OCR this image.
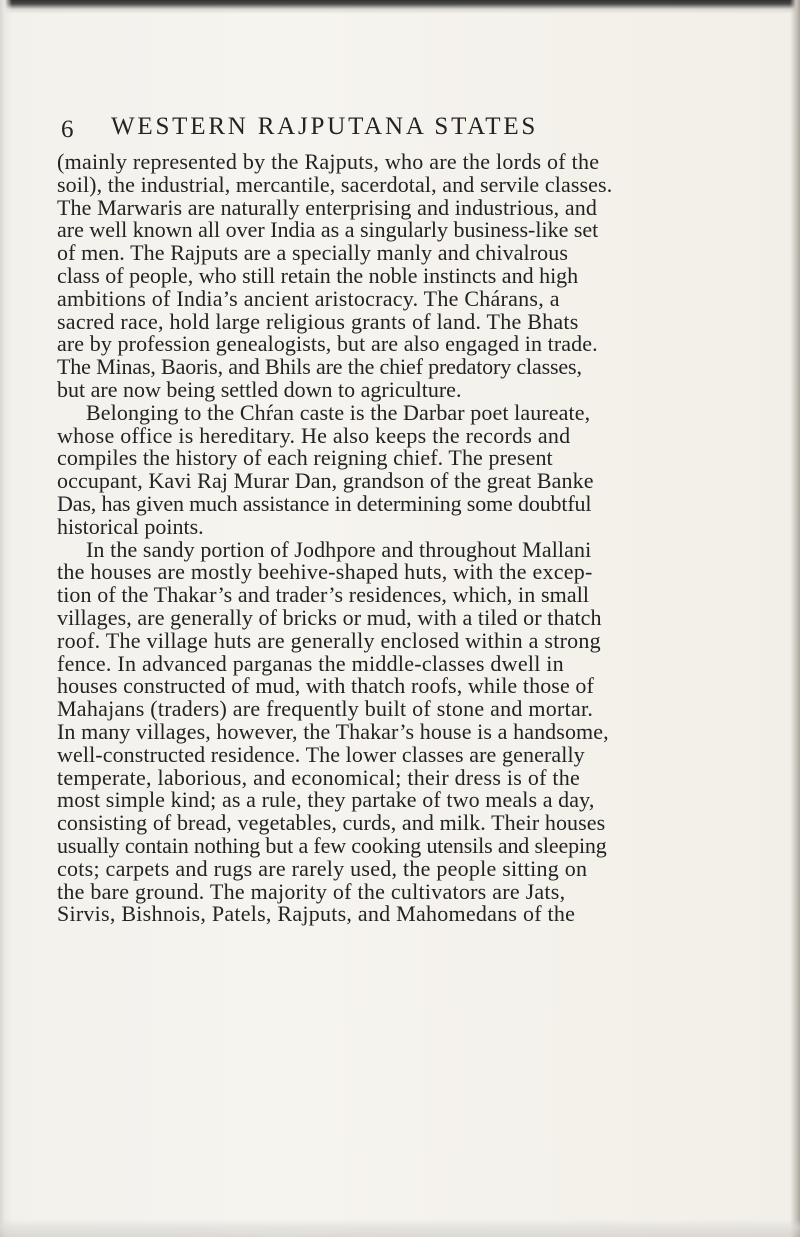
6 WESTERN RAJPUTANA STATES
(mainly represented by the Rajputs, who are the lords of the
soil), the industrial, mercantile, sacerdotal, and servile classes.
The Marwaris are naturally enterprising and industrious, and
are well known all over India as a singularly business-like set
of men. The Rajputs are a specially manly and chivalrous
class of people, who still retain the noble instincts and high
ambitions of India’s ancient aristocracy. The Chárans, a
sacred race, hold large religious grants of land. The Bhats
are by profession genealogists, but are also engaged in trade.
The Minas, Baoris, and Bhils are the chief predatory classes,
but are now being settled down to agriculture.
Belonging to the Chŕan caste is the Darbar poet laureate,
whose office is hereditary. He also keeps the records and
compiles the history of each reigning chief. The present
occupant, Kavi Raj Murar Dan, grandson of the great Banke
Das, has given much assistance in determining some doubtful
historical points.
In the sandy portion of Jodhpore and throughout Mallani
the houses are mostly beehive-shaped huts, with the excep-
tion of the Thakar’s and trader’s residences, which, in small
villages, are generally of bricks or mud, with a tiled or thatch
roof. The village huts are generally enclosed within a strong
fence. In advanced parganas the middle-classes dwell in
houses constructed of mud, with thatch roofs, while those of
Mahajans (traders) are frequently built of stone and mortar.
In many villages, however, the Thakar’s house is a handsome,
well-constructed residence. The lower classes are generally
temperate, laborious, and economical; their dress is of the
most simple kind; as a rule, they partake of two meals a day,
consisting of bread, vegetables, curds, and milk. Their houses
usually contain nothing but a few cooking utensils and sleeping
cots; carpets and rugs are rarely used, the people sitting on
the bare ground. The majority of the cultivators are Jats,
Sirvis, Bishnois, Patels, Rajputs, and Mahomedans of the
